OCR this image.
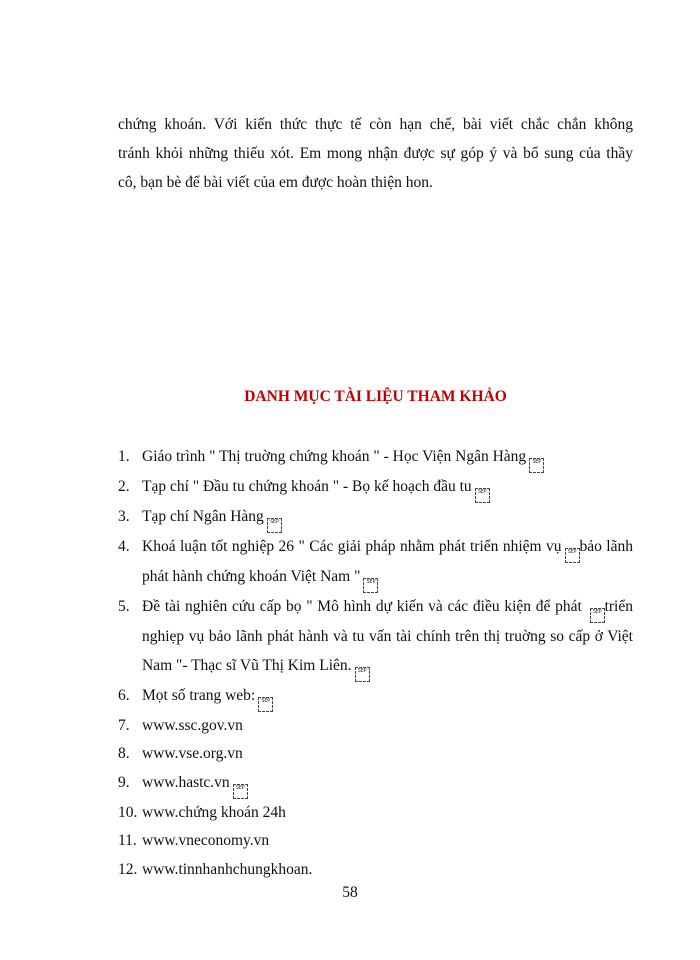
chứng khoán. Với kiến thức thực tế còn hạn chế, bài viết chắc chắn không
tránh khỏi những thiếu xót. Em mong nhận được sự góp ý và bổ sung của thầy
cô, bạn bè để bài viết của em được hoàn thiện hon.
DANH MỤC TÀI LIỆU THAM KHẢO
1. Giáo trình " Thị truờng chứng khoán " - Học Viện Ngân Hàng SEP
2. Tạp chí " Đầu tu chứng khoán " - Bọ kế hoạch đầu tu SEP
3. Tạp chí Ngân Hàng SEP
4. Khoá luận tốt nghiệp 26 " Các giải pháp nhằm phát triển nhiệm vụ SEP bảo lãnh phát hành chứng khoán Việt Nam " SEP
5. Đề tài nghiên cứu cấp bọ " Mô hình dự kiến và các điều kiện để phát SEP triển nghiẹp vụ bảo lãnh phát hành và tu vấn tài chính trên thị truờng so cấp ở Việt Nam "- Thạc sĩ Vũ Thị Kim Liên. SEP
6. Mọt số trang web: SEP
7. www.ssc.gov.vn
8. www.vse.org.vn
9. www.hastc.vn SEP
10. www.chứng khoán 24h
11. www.vneconomy.vn
12. www.tinnhanhchungkhoan.
58
